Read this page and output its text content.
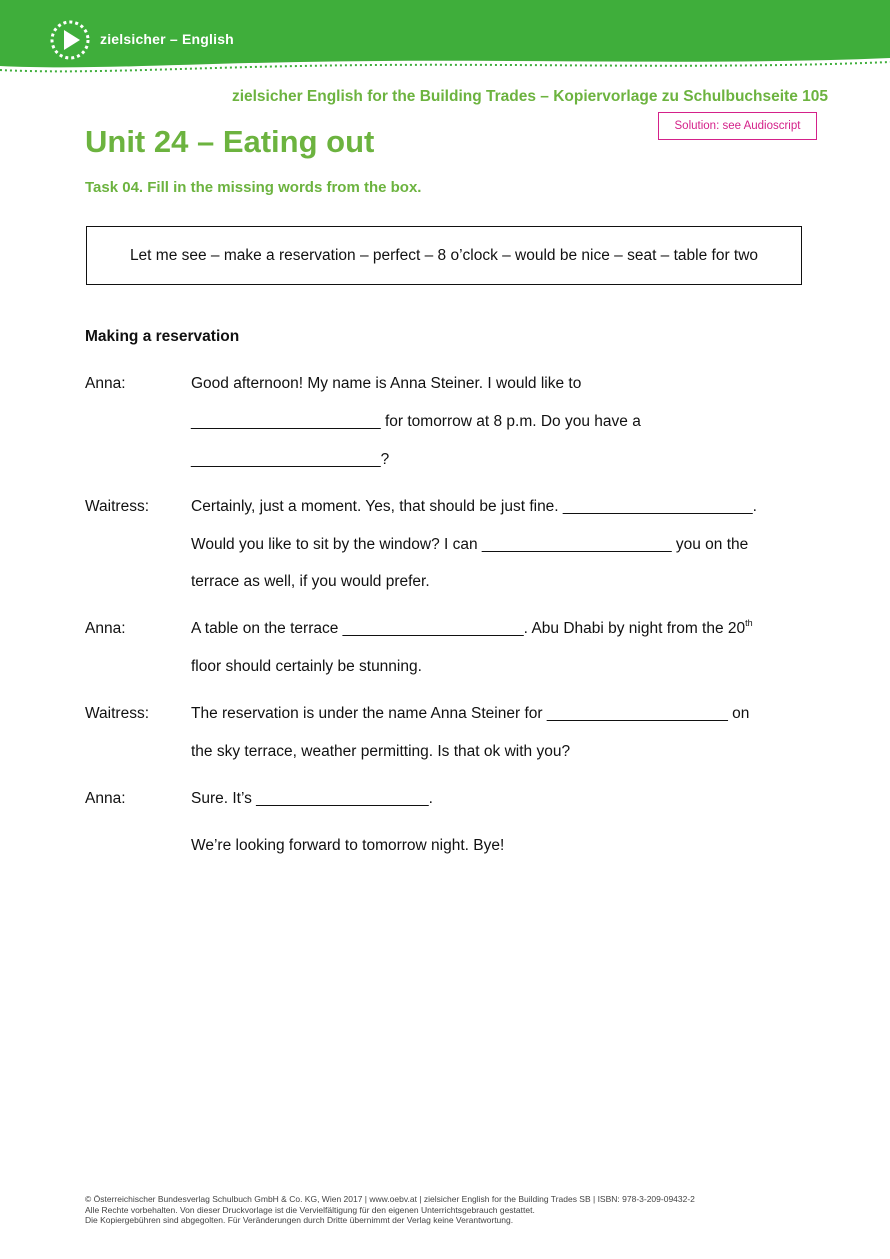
zielsicher – English
zielsicher English for the Building Trades – Kopiervorlage zu Schulbuchseite 105
Solution: see Audioscript
Unit 24 – Eating out
Task 04. Fill in the missing words from the box.
Let me see – make a reservation – perfect – 8 o’clock – would be nice – seat – table for two
Making a reservation
Anna:	Good afternoon! My name is Anna Steiner. I would like to
______________________ for tomorrow at 8 p.m. Do you have a
______________________?
Waitress:	Certainly, just a moment. Yes, that should be just fine. ______________________.
Would you like to sit by the window? I can ______________________ you on the
terrace as well, if you would prefer.
Anna:	A table on the terrace _____________________. Abu Dhabi by night from the 20th
floor should certainly be stunning.
Waitress:	The reservation is under the name Anna Steiner for _____________________ on
the sky terrace, weather permitting. Is that ok with you?
Anna:	Sure. It’s ____________________.
We’re looking forward to tomorrow night. Bye!
© Österreichischer Bundesverlag Schulbuch GmbH & Co. KG, Wien 2017 | www.oebv.at | zielsicher English for the Building Trades SB | ISBN: 978-3-209-09432-2
Alle Rechte vorbehalten. Von dieser Druckvorlage ist die Vervielfältigung für den eigenen Unterrichtsgebrauch gestattet.
Die Kopiergebühren sind abgegolten. Für Veränderungen durch Dritte übernimmt der Verlag keine Verantwortung.
